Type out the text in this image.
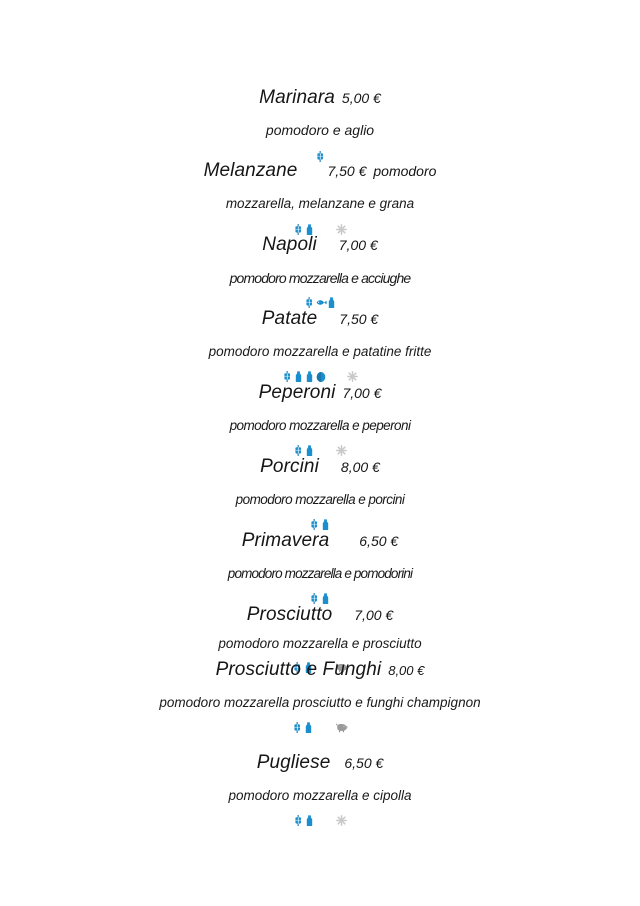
Marinara 5,00 €
pomodoro e aglio
Melanzane 7,50 € pomodoro
mozzarella, melanzane e grana
Napoli 7,00 €
pomodoro mozzarella e acciughe
Patate 7,50 €
pomodoro mozzarella e patatine fritte
Peperoni 7,00 €
pomodoro mozzarella e peperoni
Porcini 8,00 €
pomodoro mozzarella e porcini
Primavera 6,50 €
pomodoro mozzarella e pomodorini
Prosciutto 7,00 €
pomodoro mozzarella e prosciutto
Prosciutto e Funghi 8,00 €
pomodoro mozzarella prosciutto e funghi champignon
Pugliese 6,50 €
pomodoro mozzarella e cipolla
